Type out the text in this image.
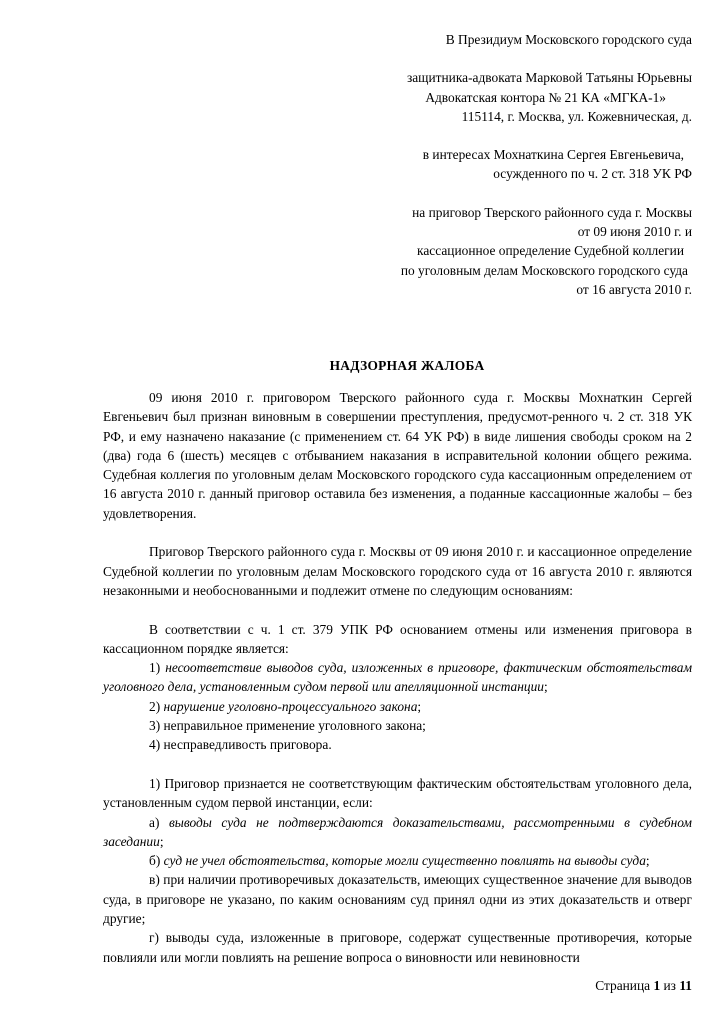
В Президиум Московского городского суда
защитника-адвоката Марковой Татьяны Юрьевны
Адвокатская контора № 21 КА «МГКА-1»
115114, г. Москва, ул. Кожевническая, д.
в интересах Мохнаткина Сергея Евгеньевича,
осужденного по ч. 2 ст. 318 УК РФ
на приговор Тверского районного суда г. Москвы
от 09 июня 2010 г. и
кассационное определение Судебной коллегии
по уголовным делам Московского городского суда
от 16 августа 2010 г.
НАДЗОРНАЯ ЖАЛОБА

09 июня 2010 г. приговором Тверского районного суда г. Москвы Мохнаткин Сергей Евгеньевич был признан виновным в совершении преступления, предусмот-ренного ч. 2 ст. 318 УК РФ, и ему назначено наказание (с применением ст. 64 УК РФ) в виде лишения свободы сроком на 2 (два) года 6 (шесть) месяцев с отбыванием наказания в исправительной колонии общего режима. Судебная коллегия по уголовным делам Московского городского суда кассационным определением от 16 августа 2010 г. данный приговор оставила без изменения, а поданные кассационные жалобы – без удовлетворения.

Приговор Тверского районного суда г. Москвы от 09 июня 2010 г. и кассационное определение Судебной коллегии по уголовным делам Московского городского суда от 16 августа 2010 г. являются незаконными и необоснованными и подлежит отмене по следующим основаниям:

В соответствии с ч. 1 ст. 379 УПК РФ основанием отмены или изменения приговора в кассационном порядке является:

1) несоответствие выводов суда, изложенных в приговоре, фактическим обстоятельствам уголовного дела, установленным судом первой или апелляционной инстанции;

2) нарушение уголовно-процессуального закона;

3) неправильное применение уголовного закона;

4) несправедливость приговора.

1) Приговор признается не соответствующим фактическим обстоятельствам уголовного дела, установленным судом первой инстанции, если:

а) выводы суда не подтверждаются доказательствами, рассмотренными в судебном заседании;

б) суд не учел обстоятельства, которые могли существенно повлиять на выводы суда;

в) при наличии противоречивых доказательств, имеющих существенное значение для выводов суда, в приговоре не указано, по каким основаниям суд принял одни из этих доказательств и отверг другие;

г) выводы суда, изложенные в приговоре, содержат существенные противоречия, которые повлияли или могли повлиять на решение вопроса о виновности или невиновности

Страница 1 из 11
